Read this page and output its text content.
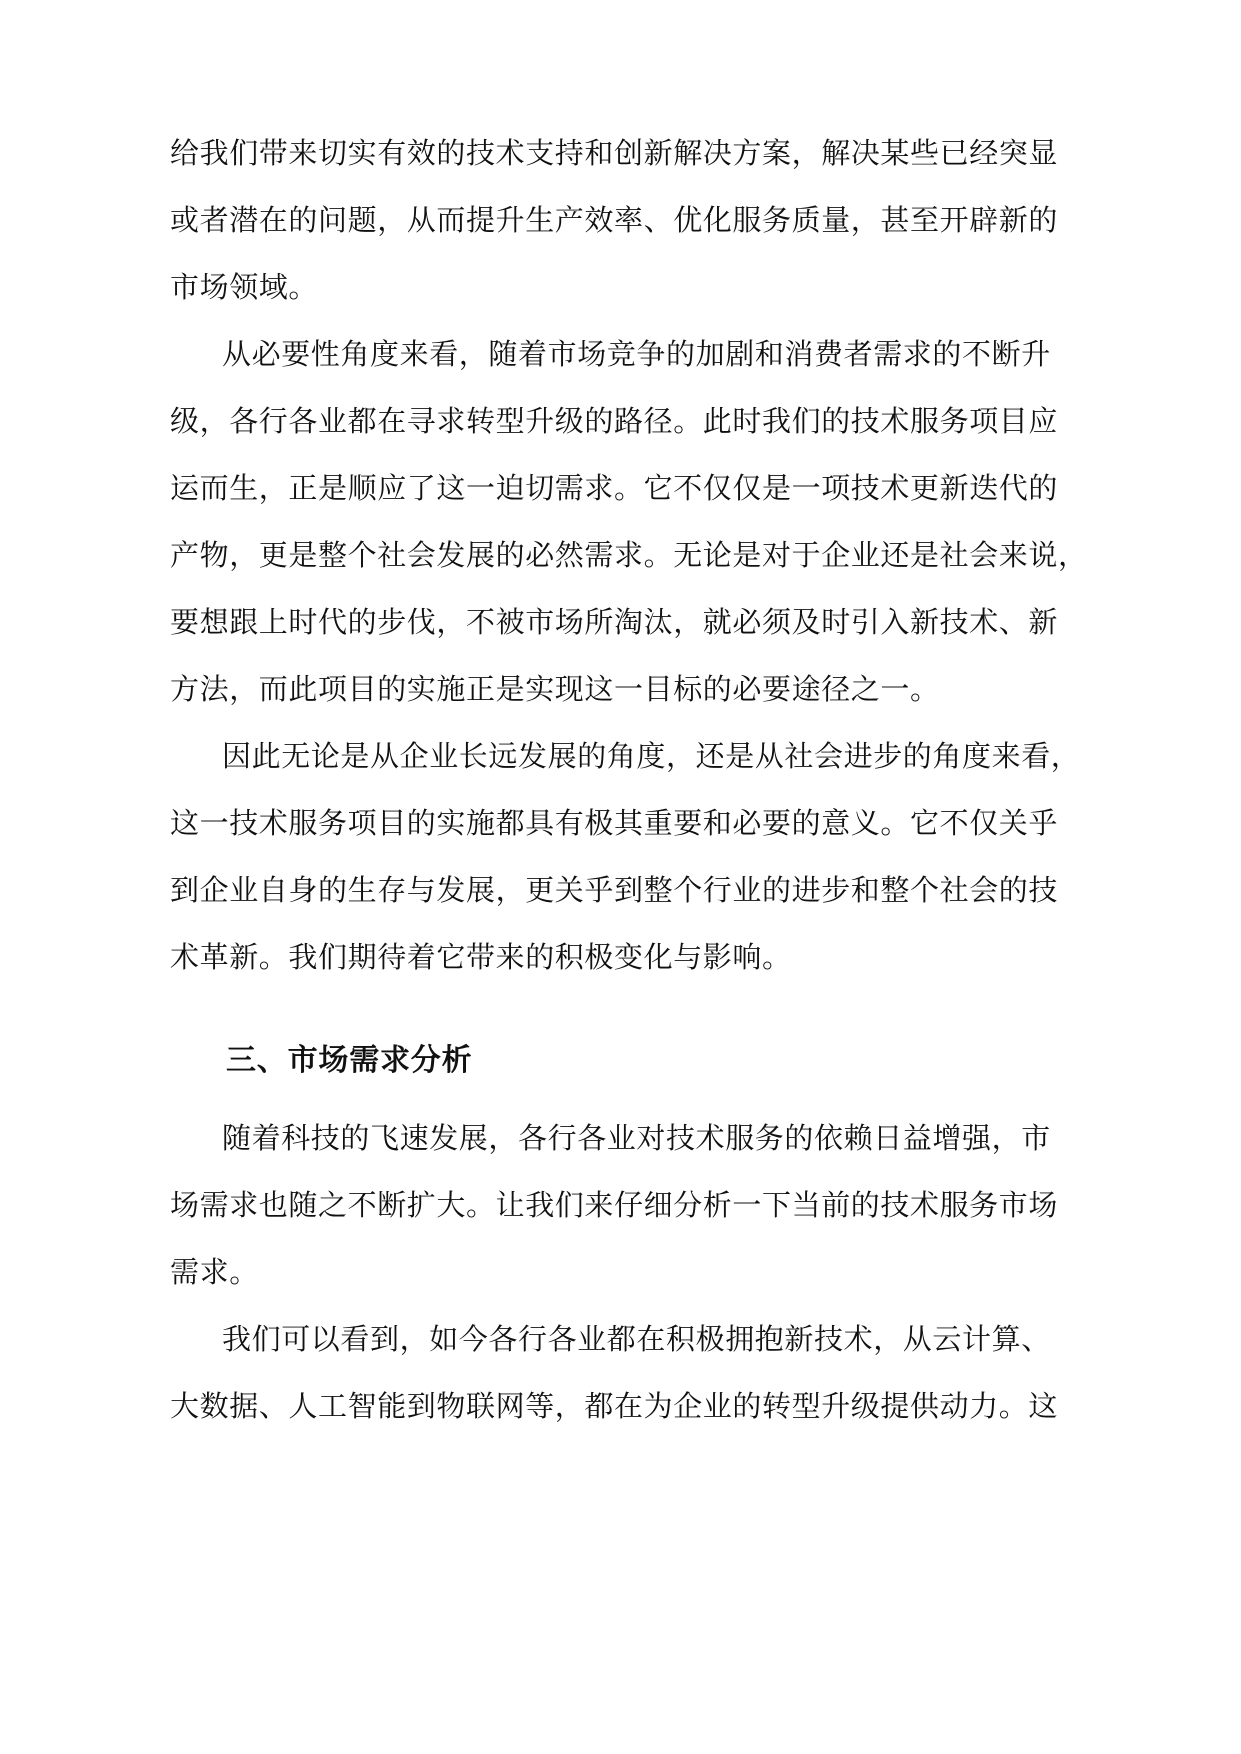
给我们带来切实有效的技术支持和创新解决方案，解决某些已经突显
或者潜在的问题，从而提升生产效率、优化服务质量，甚至开辟新的
市场领域。
从必要性角度来看，随着市场竞争的加剧和消费者需求的不断升
级，各行各业都在寻求转型升级的路径。此时我们的技术服务项目应
运而生，正是顺应了这一迫切需求。它不仅仅是一项技术更新迭代的
产物，更是整个社会发展的必然需求。无论是对于企业还是社会来说，
要想跟上时代的步伐，不被市场所淘汰，就必须及时引入新技术、新
方法，而此项目的实施正是实现这一目标的必要途径之一。
因此无论是从企业长远发展的角度，还是从社会进步的角度来看，
这一技术服务项目的实施都具有极其重要和必要的意义。它不仅关乎
到企业自身的生存与发展，更关乎到整个行业的进步和整个社会的技
术革新。我们期待着它带来的积极变化与影响。
三、市场需求分析
随着科技的飞速发展，各行各业对技术服务的依赖日益增强，市
场需求也随之不断扩大。让我们来仔细分析一下当前的技术服务市场
需求。
我们可以看到，如今各行各业都在积极拥抱新技术，从云计算、
大数据、人工智能到物联网等，都在为企业的转型升级提供动力。这
